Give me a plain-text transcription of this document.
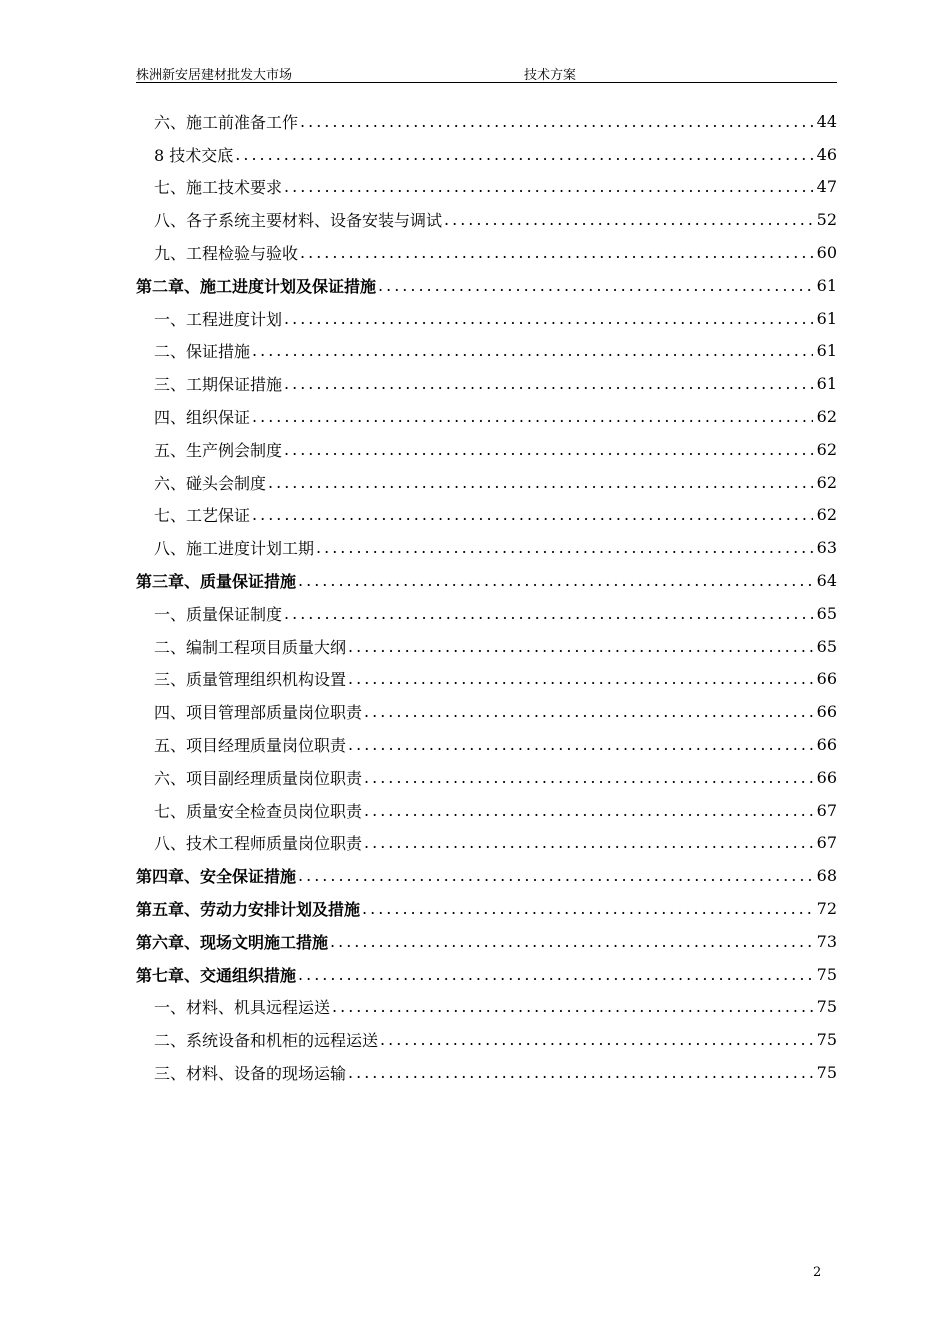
株洲新安居建材批发大市场	技术方案
六、施工前准备工作 .....	44
8 技术交底 .....	46
七、施工技术要求 .....	47
八、各子系统主要材料、设备安装与调试 .....	52
九、工程检验与验收 .....	60
第二章、施工进度计划及保证措施 .....	61
一、工程进度计划 .....	61
二、保证措施 .....	61
三、工期保证措施 .....	61
四、组织保证 .....	62
五、生产例会制度 .....	62
六、碰头会制度 .....	62
七、工艺保证 .....	62
八、施工进度计划工期 .....	63
第三章、质量保证措施 .....	64
一、质量保证制度 .....	65
二、编制工程项目质量大纲 .....	65
三、质量管理组织机构设置 .....	66
四、项目管理部质量岗位职责 .....	66
五、项目经理质量岗位职责 .....	66
六、项目副经理质量岗位职责 .....	66
七、质量安全检查员岗位职责 .....	67
八、技术工程师质量岗位职责 .....	67
第四章、安全保证措施 .....	68
第五章、劳动力安排计划及措施 .....	72
第六章、现场文明施工措施 .....	73
第七章、交通组织措施 .....	75
一、材料、机具远程运送 .....	75
二、系统设备和机柜的远程运送 .....	75
三、材料、设备的现场运输 .....	75
2
